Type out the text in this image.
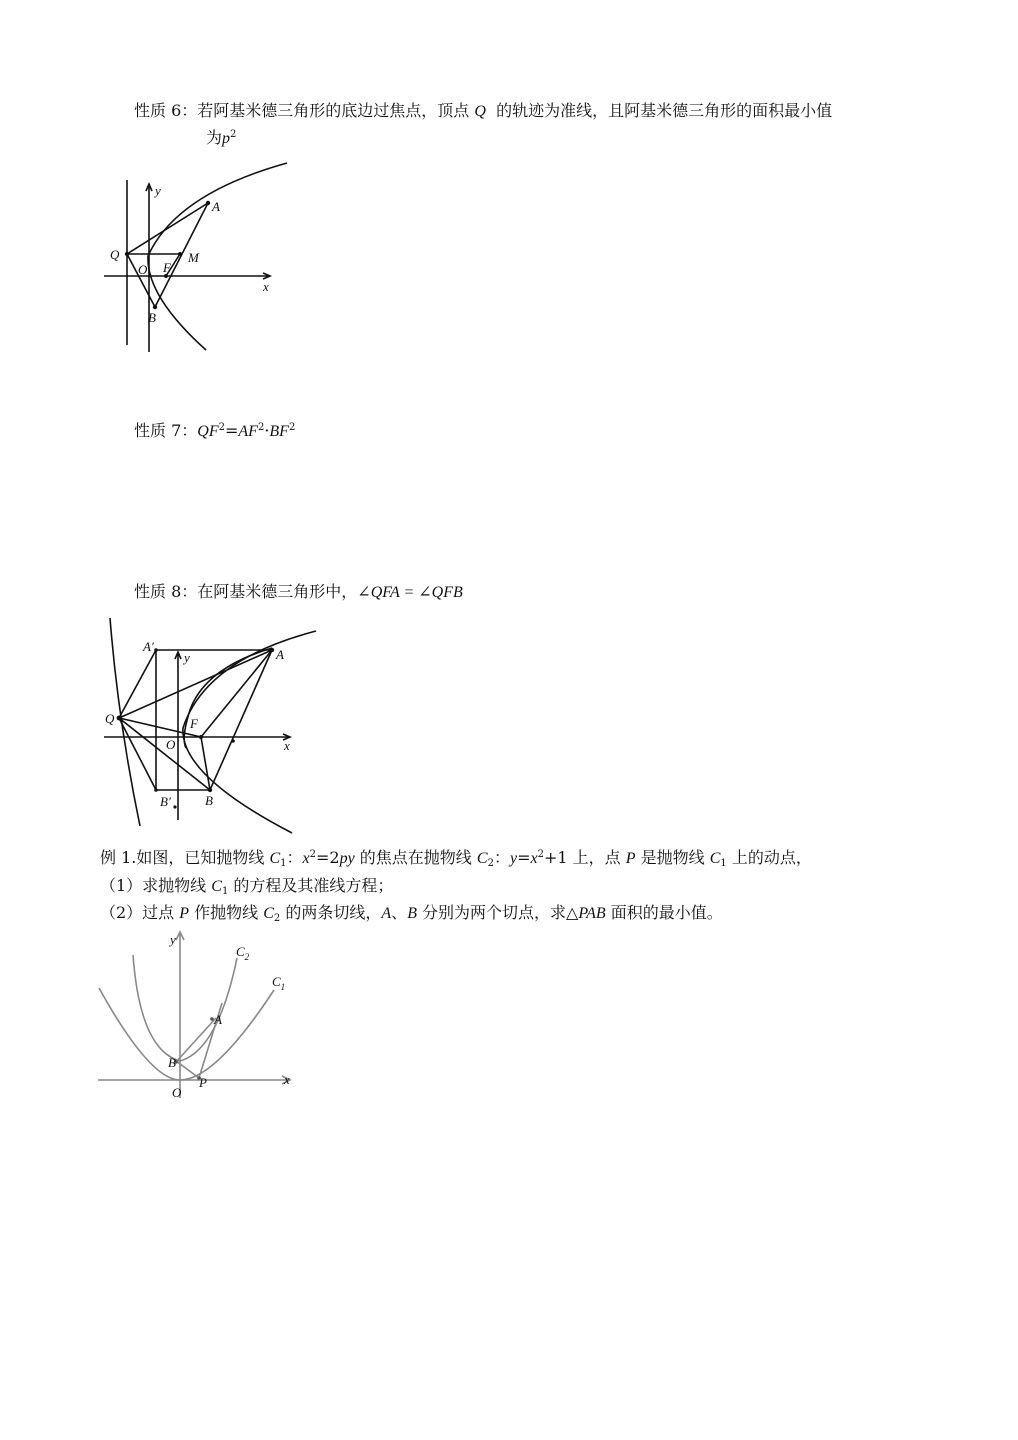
性质 6：若阿基米德三角形的底边过焦点，顶点 Q 的轨迹为准线，且阿基米德三角形的面积最小值
为$p^2$
y
A
Q	M
O F
x
B
性质 7：$QF^2=AF^2\cdot BF^2$
性质 8：在阿基米德三角形中，∠QFA = ∠QFB
A′
y	A
Q	F
O	x
B′	B
例 1.如图，已知抛物线 $C_1$：$x^2=2py$ 的焦点在抛物线 $C_2$：$y=x^2+1$ 上，点 P 是抛物线 $C_1$ 上的动点，
（1）求抛物线 $C_1$ 的方程及其准线方程；
（2）过点 P 作抛物线 $C_2$ 的两条切线，A、B 分别为两个切点，求△PAB 面积的最小值。
y
$C_2$
$C_1$
A
B
O
P	x
